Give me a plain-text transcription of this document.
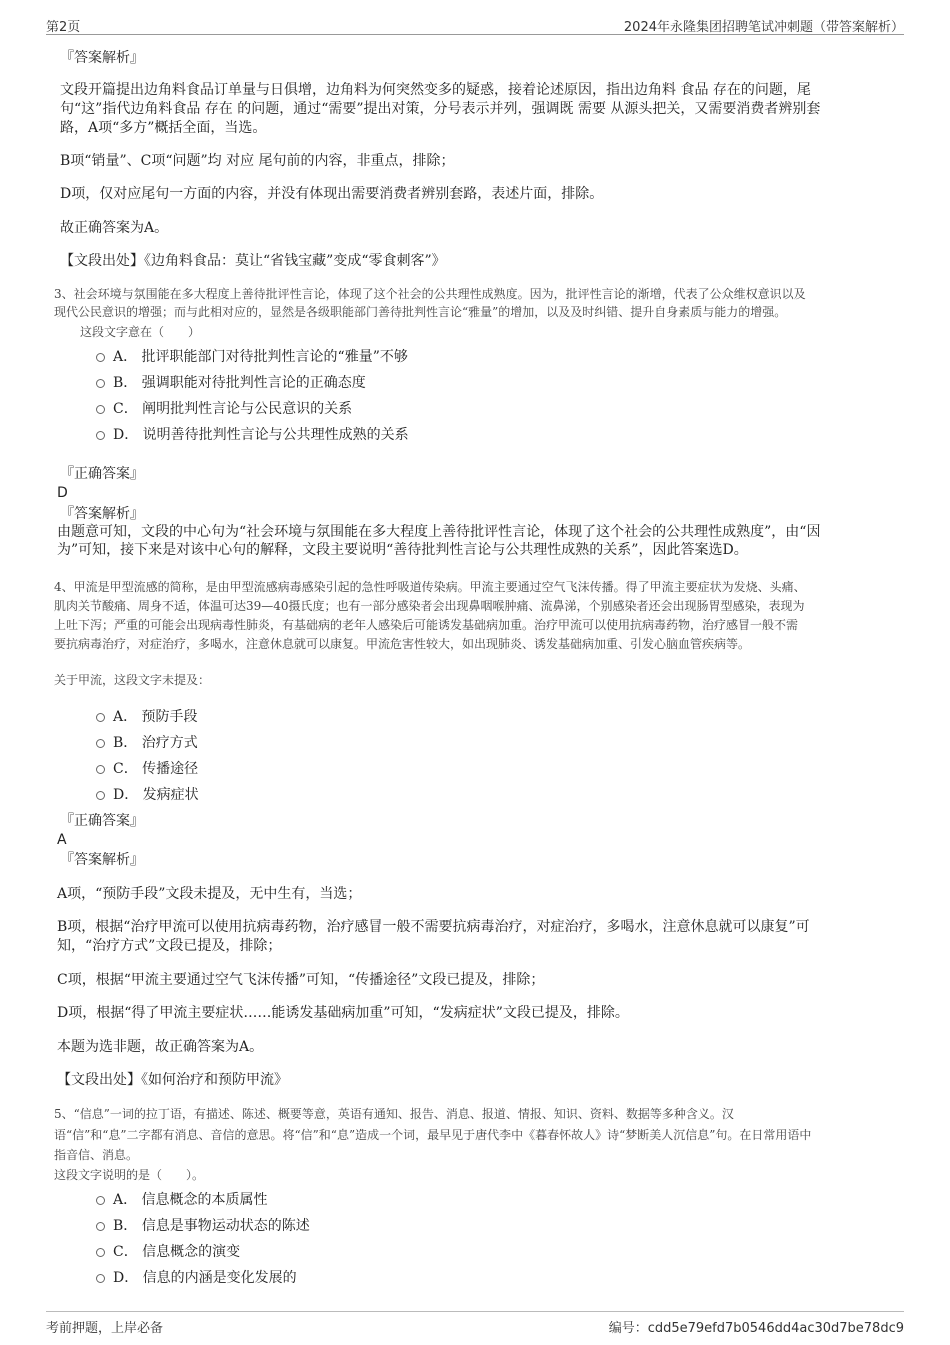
第2页	2024年永隆集团招聘笔试冲刺题（带答案解析）
『答案解析』
文段开篇提出边角料食品订单量与日俱增，边角料为何突然变多的疑惑，接着论述原因，指出边角料 食品 存在的问题，尾
句“这”指代边角料食品 存在 的问题，通过“需要”提出对策，分号表示并列，强调既 需要 从源头把关，又需要消费者辨别套
路，A项“多方”概括全面，当选。
B项“销量”、C项“问题”均 对应 尾句前的内容，非重点，排除；
D项，仅对应尾句一方面的内容，并没有体现出需要消费者辨别套路，表述片面，排除。
故正确答案为A。
【文段出处】《边角料食品：莫让“省钱宝藏”变成“零食刺客”》
3、社会环境与氛围能在多大程度上善待批评性言论，体现了这个社会的公共理性成熟度。因为，批评性言论的渐增，代表了公众维权意识以及
现代公民意识的增强；而与此相对应的，显然是各级职能部门善待批判性言论“雅量”的增加，以及及时纠错、提升自身素质与能力的增强。
这段文字意在（　　）
A． 批评职能部门对待批判性言论的“雅量”不够
B． 强调职能对待批判性言论的正确态度
C． 阐明批判性言论与公民意识的关系
D． 说明善待批判性言论与公共理性成熟的关系
『正确答案』
D
『答案解析』
由题意可知，文段的中心句为“社会环境与氛围能在多大程度上善待批评性言论，体现了这个社会的公共理性成熟度”，由“因
为”可知，接下来是对该中心句的解释，文段主要说明“善待批判性言论与公共理性成熟的关系”，因此答案选D。
4、甲流是甲型流感的简称，是由甲型流感病毒感染引起的急性呼吸道传染病。甲流主要通过空气飞沫传播。得了甲流主要症状为发烧、头痛、
肌肉关节酸痛、周身不适，体温可达39—40摄氏度；也有一部分感染者会出现鼻咽喉肿痛、流鼻涕，个别感染者还会出现肠胃型感染，表现为
上吐下泻；严重的可能会出现病毒性肺炎，有基础病的老年人感染后可能诱发基础病加重。治疗甲流可以使用抗病毒药物，治疗感冒一般不需
要抗病毒治疗，对症治疗，多喝水，注意休息就可以康复。甲流危害性较大，如出现肺炎、诱发基础病加重、引发心脑血管疾病等。
关于甲流，这段文字未提及：
A． 预防手段
B． 治疗方式
C． 传播途径
D． 发病症状
『正确答案』
A
『答案解析』
A项，“预防手段”文段未提及，无中生有，当选；
B项，根据“治疗甲流可以使用抗病毒药物，治疗感冒一般不需要抗病毒治疗，对症治疗，多喝水，注意休息就可以康复”可
知，“治疗方式”文段已提及，排除；
C项，根据“甲流主要通过空气飞沫传播”可知，“传播途径”文段已提及，排除；
D项，根据“得了甲流主要症状……能诱发基础病加重”可知，“发病症状”文段已提及，排除。
本题为选非题，故正确答案为A。
【文段出处】《如何治疗和预防甲流》
5、“信息”一词的拉丁语，有描述、陈述、概要等意，英语有通知、报告、消息、报道、情报、知识、资料、数据等多种含义。汉
语“信”和“息”二字都有消息、音信的意思。将“信”和“息”造成一个词，最早见于唐代李中《暮春怀故人》诗“梦断美人沉信息”句。在日常用语中
指音信、消息。
这段文字说明的是（　　）。
A． 信息概念的本质属性
B． 信息是事物运动状态的陈述
C． 信息概念的演变
D． 信息的内涵是变化发展的
考前押题，上岸必备	编号：cdd5e79efd7b0546dd4ac30d7be78dc9
